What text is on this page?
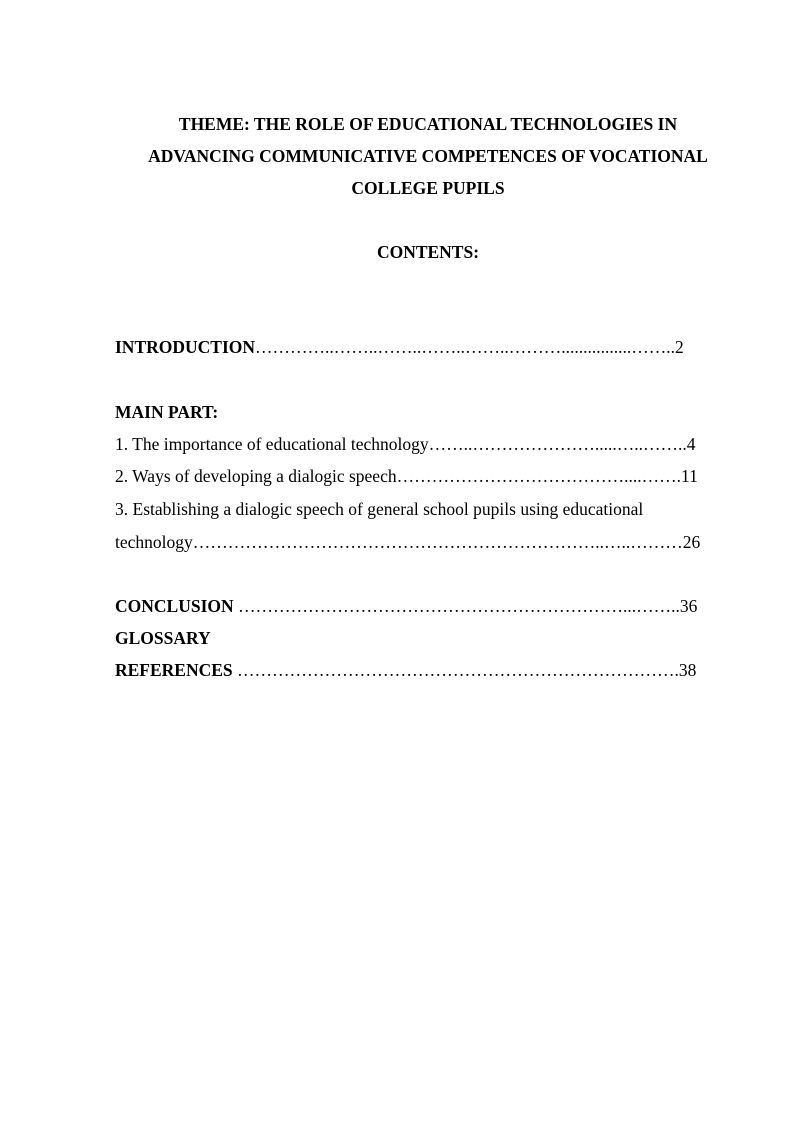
THEME: THE ROLE OF EDUCATIONAL TECHNOLOGIES IN
ADVANCING COMMUNICATIVE COMPETENCES OF VOCATIONAL
COLLEGE PUPILS
CONTENTS:
INTRODUCTION…………..……..……..……..……..………................……..2
MAIN PART:
1. The importance of educational technology……..………………….....…..……..4
2. Ways of developing a dialogic speech…………………………………....…….11
3. Establishing a dialogic speech of general school pupils using educational
technology……………………………………………………………..…..………26
CONCLUSION …………………………………………………………...……..36
GLOSSARY
REFERENCES ………………………………………………………………….38
